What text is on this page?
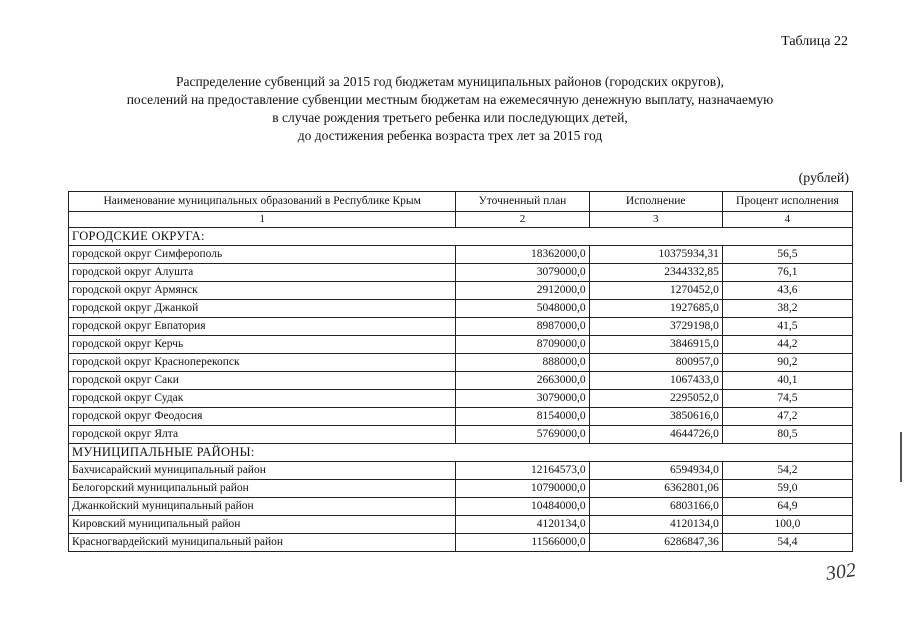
Таблица 22
Распределение субвенций за 2015 год бюджетам муниципальных районов (городских округов),
поселений на предоставление субвенции местным бюджетам на ежемесячную денежную выплату, назначаемую
в случае рождения третьего ребенка или последующих детей,
до достижения ребенка возраста трех лет за 2015 год
(рублей)
Наименование муниципальных образований в Республике Крым	Уточненный план	Исполнение	Процент исполнения
1	2	3	4
ГОРОДСКИЕ ОКРУГА:			
городской округ Симферополь	18362000,0	10375934,31	56,5
городской округ Алушта	3079000,0	2344332,85	76,1
городской округ Армянск	2912000,0	1270452,0	43,6
городской округ Джанкой	5048000,0	1927685,0	38,2
городской округ Евпатория	8987000,0	3729198,0	41,5
городской округ Керчь	8709000,0	3846915,0	44,2
городской округ Красноперекопск	888000,0	800957,0	90,2
городской округ Саки	2663000,0	1067433,0	40,1
городской округ Судак	3079000,0	2295052,0	74,5
городской округ Феодосия	8154000,0	3850616,0	47,2
городской округ Ялта	5769000,0	4644726,0	80,5
МУНИЦИПАЛЬНЫЕ РАЙОНЫ:			
Бахчисарайский муниципальный район	12164573,0	6594934,0	54,2
Белогорский муниципальный район	10790000,0	6362801,06	59,0
Джанкойский муниципальный район	10484000,0	6803166,0	64,9
Кировский муниципальный район	4120134,0	4120134,0	100,0
Красногвардейский муниципальный район	11566000,0	6286847,36	54,4
302
